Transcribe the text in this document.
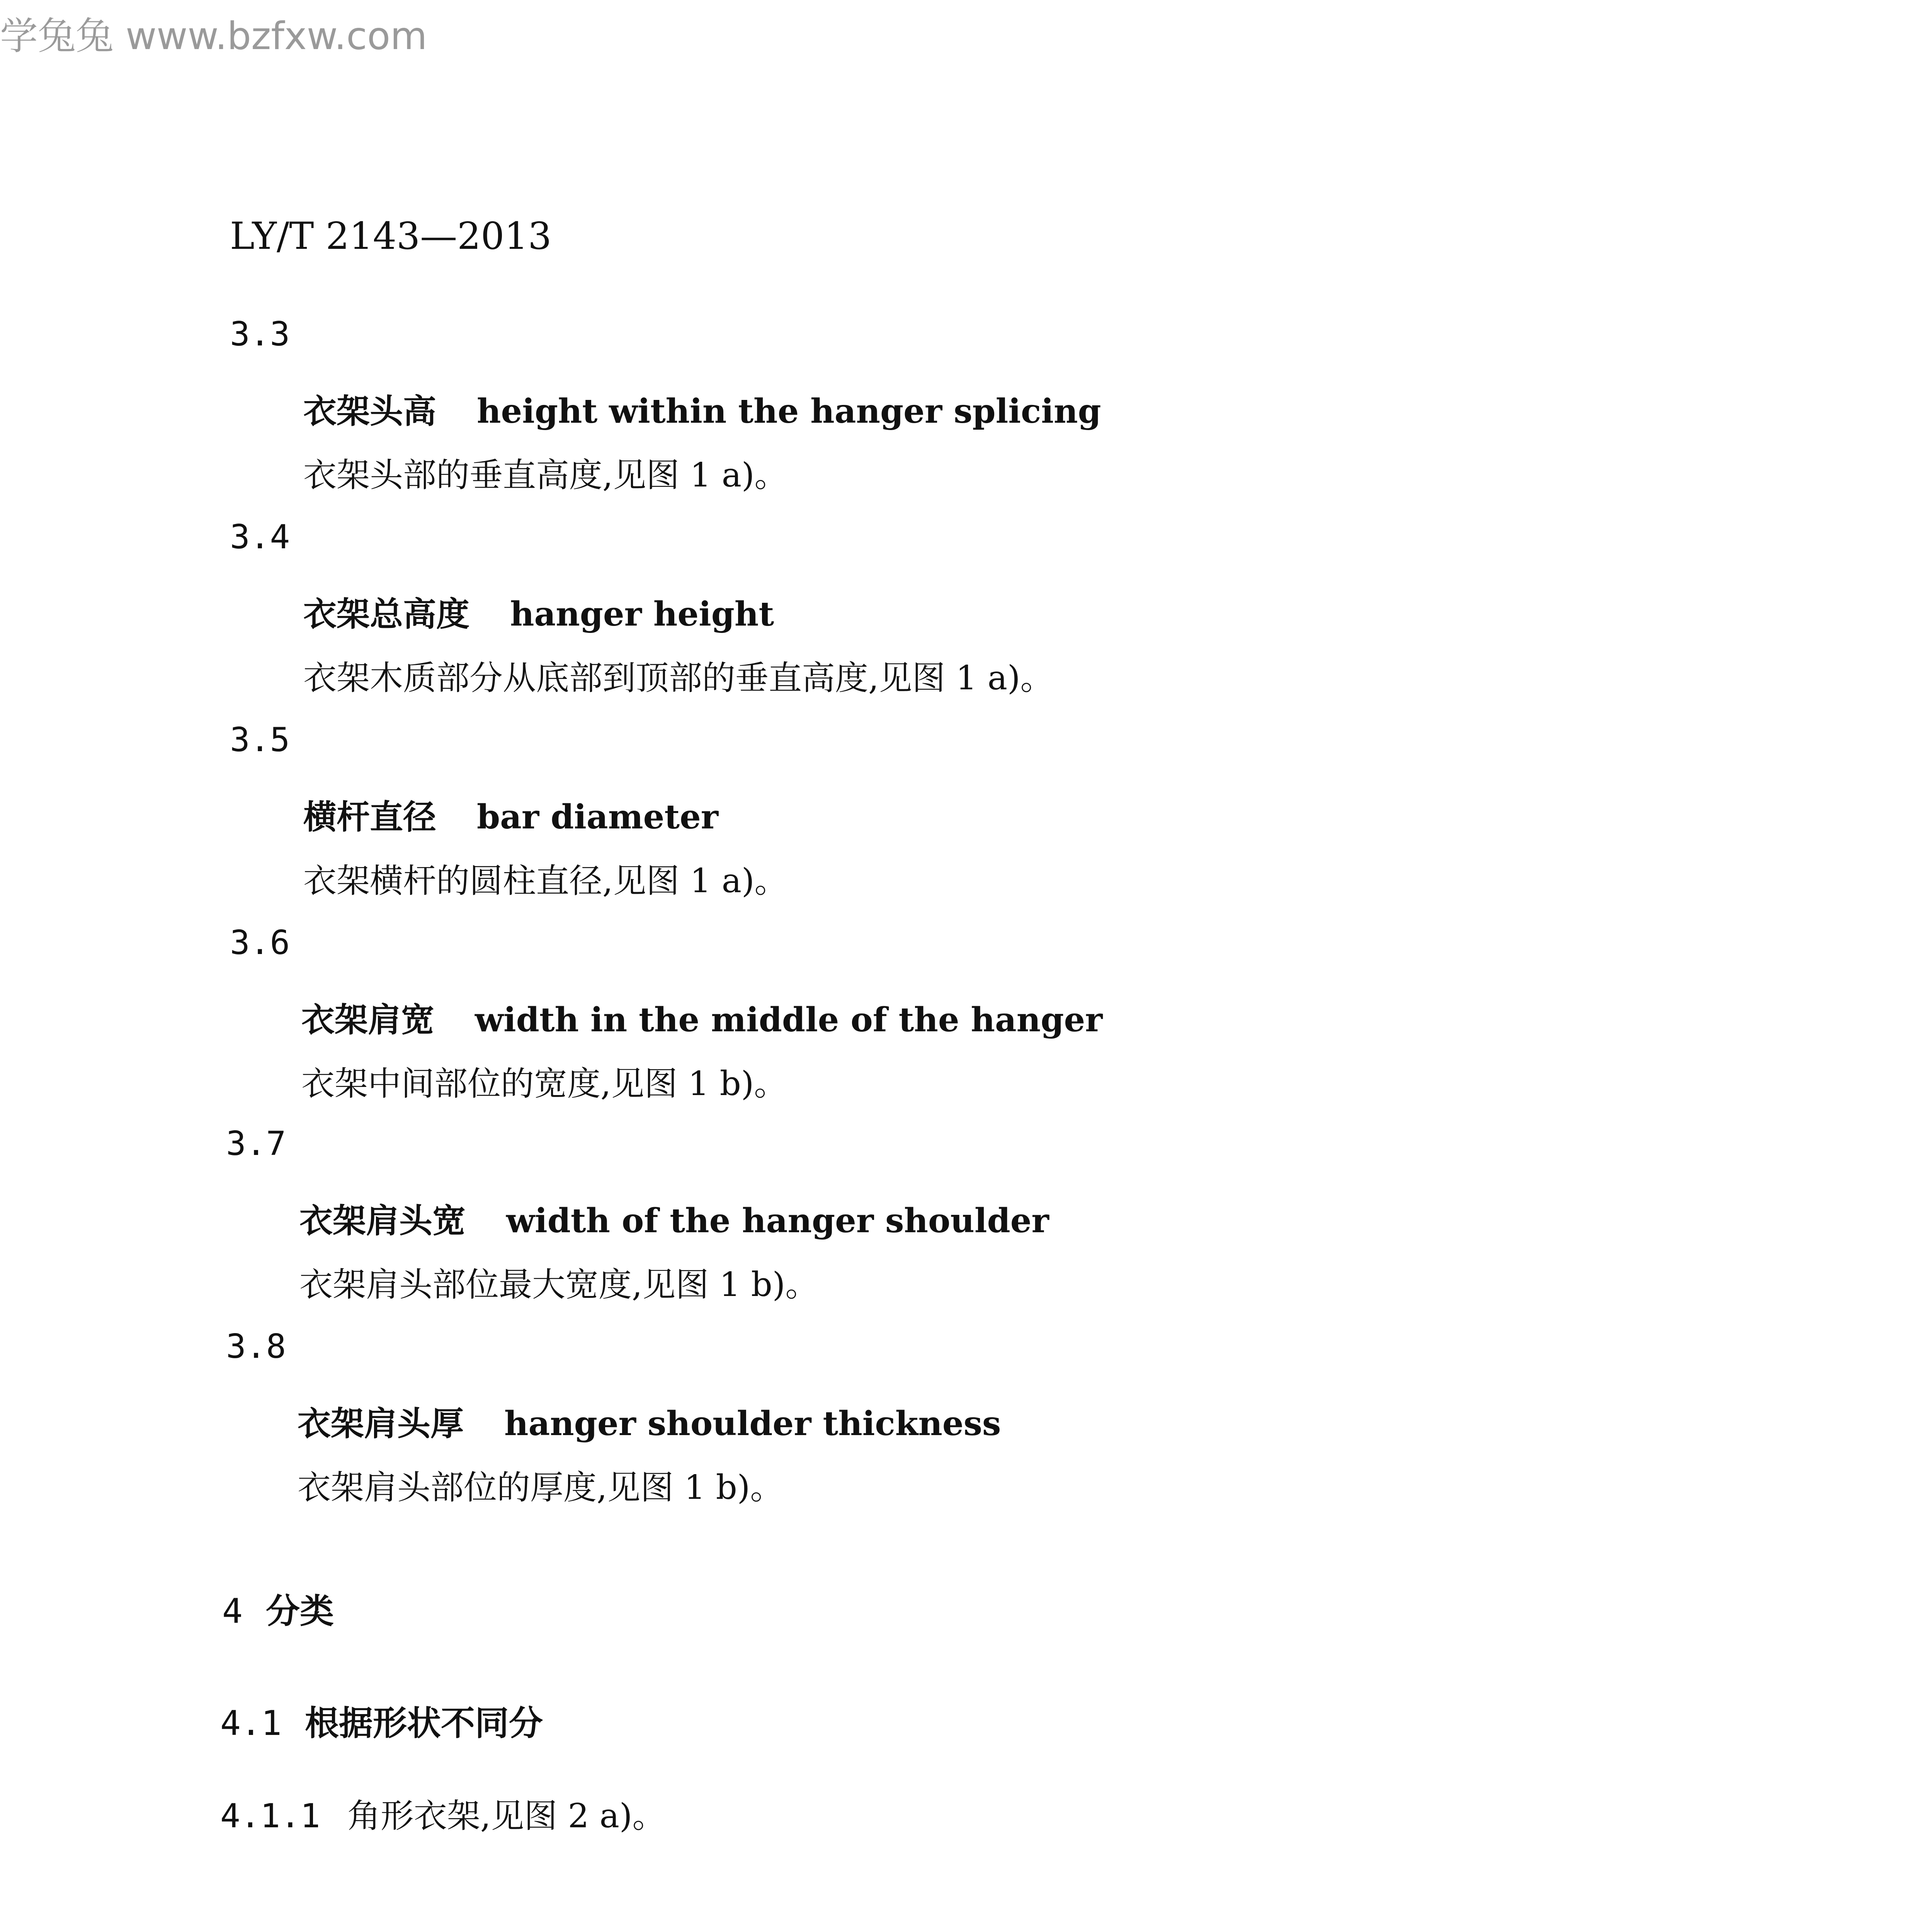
学兔兔 www.bzfxw.com
LY/T 2143—2013
3.3
衣架头高 height within the hanger splicing
衣架头部的垂直高度,见图 1 a)。
3.4
衣架总高度 hanger height
衣架木质部分从底部到顶部的垂直高度,见图 1 a)。
3.5
横杆直径 bar diameter
衣架横杆的圆柱直径,见图 1 a)。
3.6
衣架肩宽 width in the middle of the hanger
衣架中间部位的宽度,见图 1 b)。
3.7
衣架肩头宽 width of the hanger shoulder
衣架肩头部位最大宽度,见图 1 b)。
3.8
衣架肩头厚 hanger shoulder thickness
衣架肩头部位的厚度,见图 1 b)。
4 分类
4.1 根据形状不同分
4.1.1 角形衣架,见图 2 a)。
